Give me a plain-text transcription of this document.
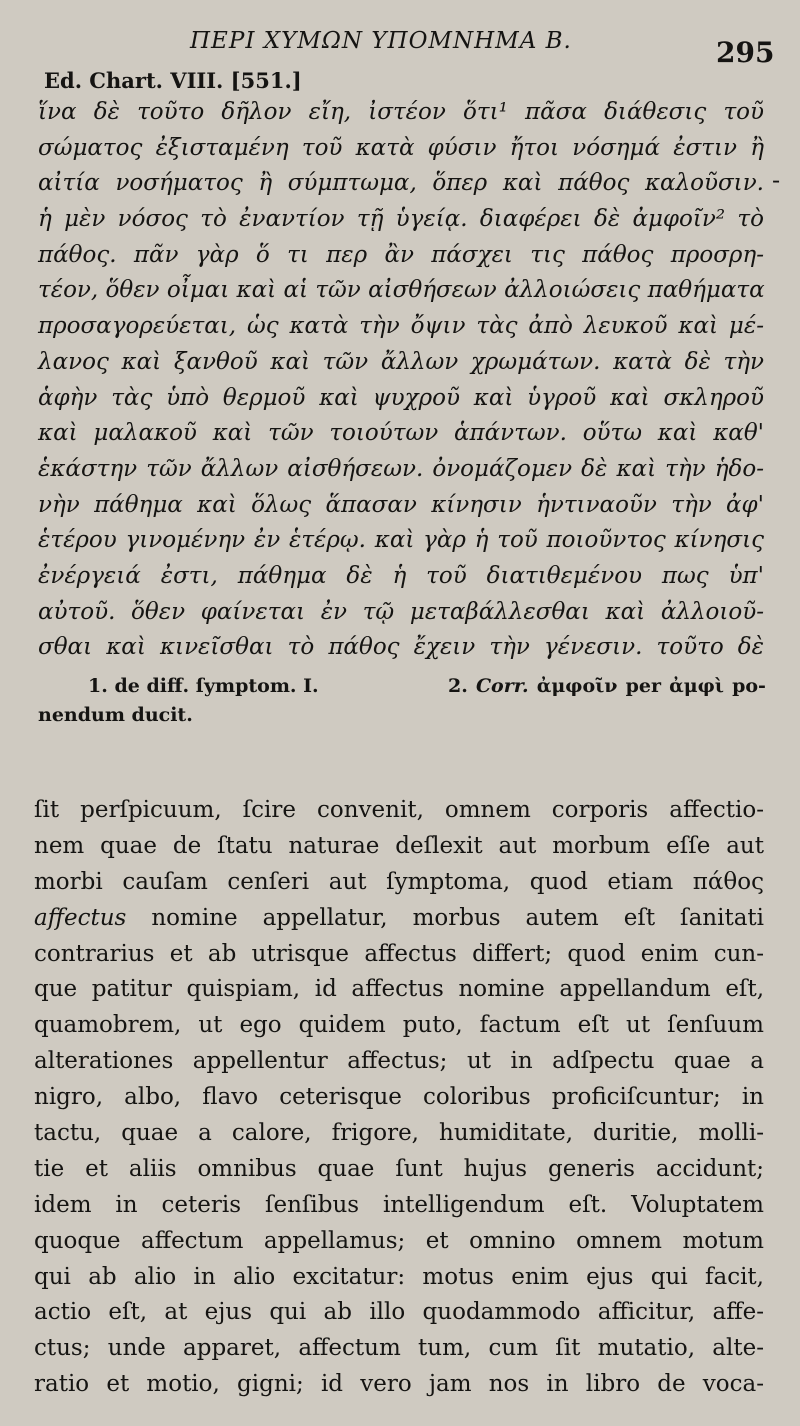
ΠΕΡΙ ΧΥΜΩΝ ΥΠΟΜΝΗΜΑ Β.	295
Ed. Chart. VIII. [551.]
ἵνα δὲ τοῦτο δῆλον εἴη, ἰστέον ὅτι¹ πᾶσα διάθεσις τοῦ
σώματος ἐξισταμένη τοῦ κατὰ φύσιν ἤτοι νόσημά ἐστιν ἢ
αἰτία νοσήματος ἢ σύμπτωμα, ὅπερ καὶ πάθος καλοῦσιν.
ἡ μὲν νόσος τὸ ἐναντίον τῇ ὑγείᾳ. διαφέρει δὲ ἀμφοῖν² τὸ
πάθος. πᾶν γὰρ ὅ τι περ ἂν πάσχει τις πάθος προσρη-
τέον, ὅθεν οἶμαι καὶ αἱ τῶν αἰσθήσεων ἀλλοιώσεις παθήματα
προσαγορεύεται, ὡς κατὰ τὴν ὄψιν τὰς ἀπὸ λευκοῦ καὶ μέ-
λανος καὶ ξανθοῦ καὶ τῶν ἄλλων χρωμάτων. κατὰ δὲ τὴν
ἁφὴν τὰς ὑπὸ θερμοῦ καὶ ψυχροῦ καὶ ὑγροῦ καὶ σκληροῦ
καὶ μαλακοῦ καὶ τῶν τοιούτων ἁπάντων. οὕτω καὶ καθ'
ἑκάστην τῶν ἄλλων αἰσθήσεων. ὀνομάζομεν δὲ καὶ τὴν ἡδο-
νὴν πάθημα καὶ ὅλως ἅπασαν κίνησιν ἡντιναοῦν τὴν ἀφ'
ἑτέρου γινομένην ἐν ἑτέρῳ. καὶ γὰρ ἡ τοῦ ποιοῦντος κίνησις
ἐνέργειά ἐστι, πάθημα δὲ ἡ τοῦ διατιθεμένου πως ὑπ'
αὐτοῦ. ὅθεν φαίνεται ἐν τῷ μεταβάλλεσθαι καὶ ἀλλοιοῦ-
σθαι καὶ κινεῖσθαι τὸ πάθος ἔχειν τὴν γένεσιν. τοῦτο δὲ
-
1. de diff. ſymptom. I.	2. Corr. ἀμφοῖν per ἀμφὶ po-
nendum ducit.
ſit perſpicuum, ſcire convenit, omnem corporis affectio-
nem quae de ſtatu naturae deſlexit aut morbum eſſe aut
morbi cauſam cenſeri aut ſymptoma, quod etiam πάθος
affectus nomine appellatur, morbus autem eſt ſanitati
contrarius et ab utrisque affectus differt; quod enim cun-
que patitur quispiam, id affectus nomine appellandum eſt,
quamobrem, ut ego quidem puto, factum eſt ut ſenſuum
alterationes appellentur affectus; ut in adſpectu quae a
nigro, albo, flavo ceterisque coloribus proficiſcuntur; in
tactu, quae a calore, frigore, humiditate, duritie, molli-
tie et aliis omnibus quae ſunt hujus generis accidunt;
idem in ceteris ſenſibus intelligendum eſt. Voluptatem
quoque affectum appellamus; et omnino omnem motum
qui ab alio in alio excitatur: motus enim ejus qui facit,
actio eſt, at ejus qui ab illo quodammodo afficitur, affe-
ctus; unde apparet, affectum tum, cum ſit mutatio, alte-
ratio et motio, gigni; id vero jam nos in libro de voca-
